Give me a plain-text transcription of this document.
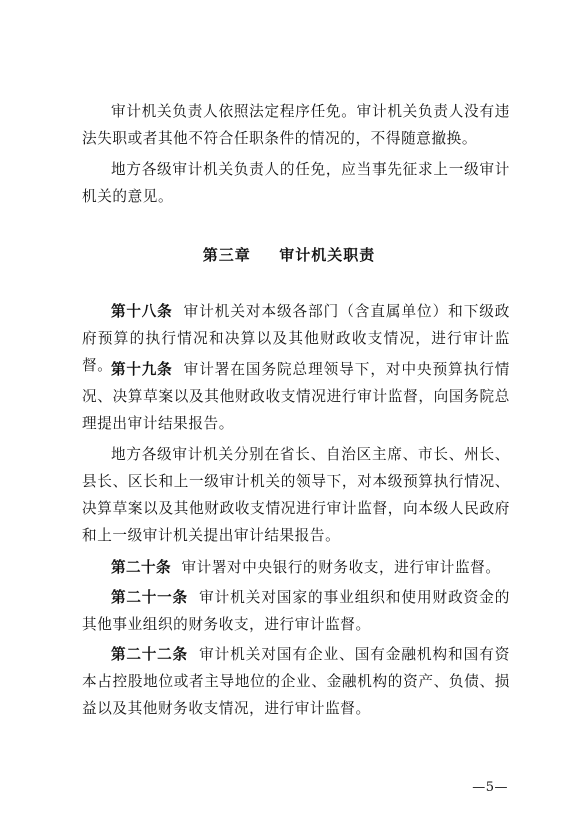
审计机关负责人依照法定程序任免。审计机关负责人没有违法失职或者其他不符合任职条件的情况的，不得随意撤换。

地方各级审计机关负责人的任免，应当事先征求上一级审计机关的意见。

第三章 审计机关职责

第十八条 审计机关对本级各部门（含直属单位）和下级政府预算的执行情况和决算以及其他财政收支情况，进行审计监督。

第十九条 审计署在国务院总理领导下，对中央预算执行情况、决算草案以及其他财政收支情况进行审计监督，向国务院总理提出审计结果报告。

地方各级审计机关分别在省长、自治区主席、市长、州长、县长、区长和上一级审计机关的领导下，对本级预算执行情况、决算草案以及其他财政收支情况进行审计监督，向本级人民政府和上一级审计机关提出审计结果报告。

第二十条 审计署对中央银行的财务收支，进行审计监督。

第二十一条 审计机关对国家的事业组织和使用财政资金的其他事业组织的财务收支，进行审计监督。

第二十二条 审计机关对国有企业、国有金融机构和国有资本占控股地位或者主导地位的企业、金融机构的资产、负债、损益以及其他财务收支情况，进行审计监督。

—5—
